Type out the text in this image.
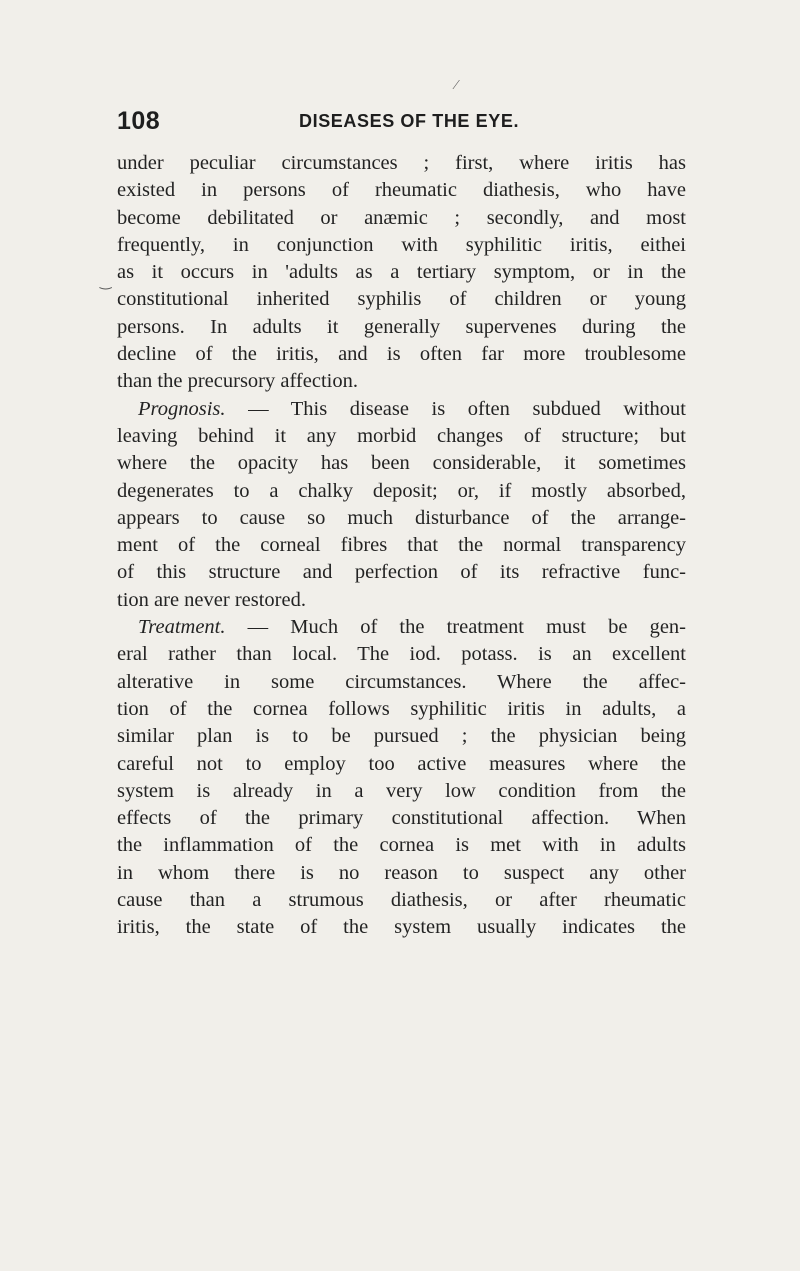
108	DISEASES OF THE EYE.
⁄
‿
under peculiar circumstances ; first, where iritis has
existed in persons of rheumatic diathesis, who have
become debilitated or anæmic ; secondly, and most
frequently, in conjunction with syphilitic iritis, eithei
as it occurs in 'adults as a tertiary symptom, or in the
constitutional inherited syphilis of children or young
persons. In adults it generally supervenes during the
decline of the iritis, and is often far more troublesome
than the precursory affection.
Prognosis. — This disease is often subdued without
leaving behind it any morbid changes of structure; but
where the opacity has been considerable, it sometimes
degenerates to a chalky deposit; or, if mostly absorbed,
appears to cause so much disturbance of the arrange-
ment of the corneal fibres that the normal transparency
of this structure and perfection of its refractive func-
tion are never restored.
Treatment. — Much of the treatment must be gen-
eral rather than local. The iod. potass. is an excellent
alterative in some circumstances. Where the affec-
tion of the cornea follows syphilitic iritis in adults, a
similar plan is to be pursued ; the physician being
careful not to employ too active measures where the
system is already in a very low condition from the
effects of the primary constitutional affection. When
the inflammation of the cornea is met with in adults
in whom there is no reason to suspect any other
cause than a strumous diathesis, or after rheumatic
iritis, the state of the system usually indicates the
